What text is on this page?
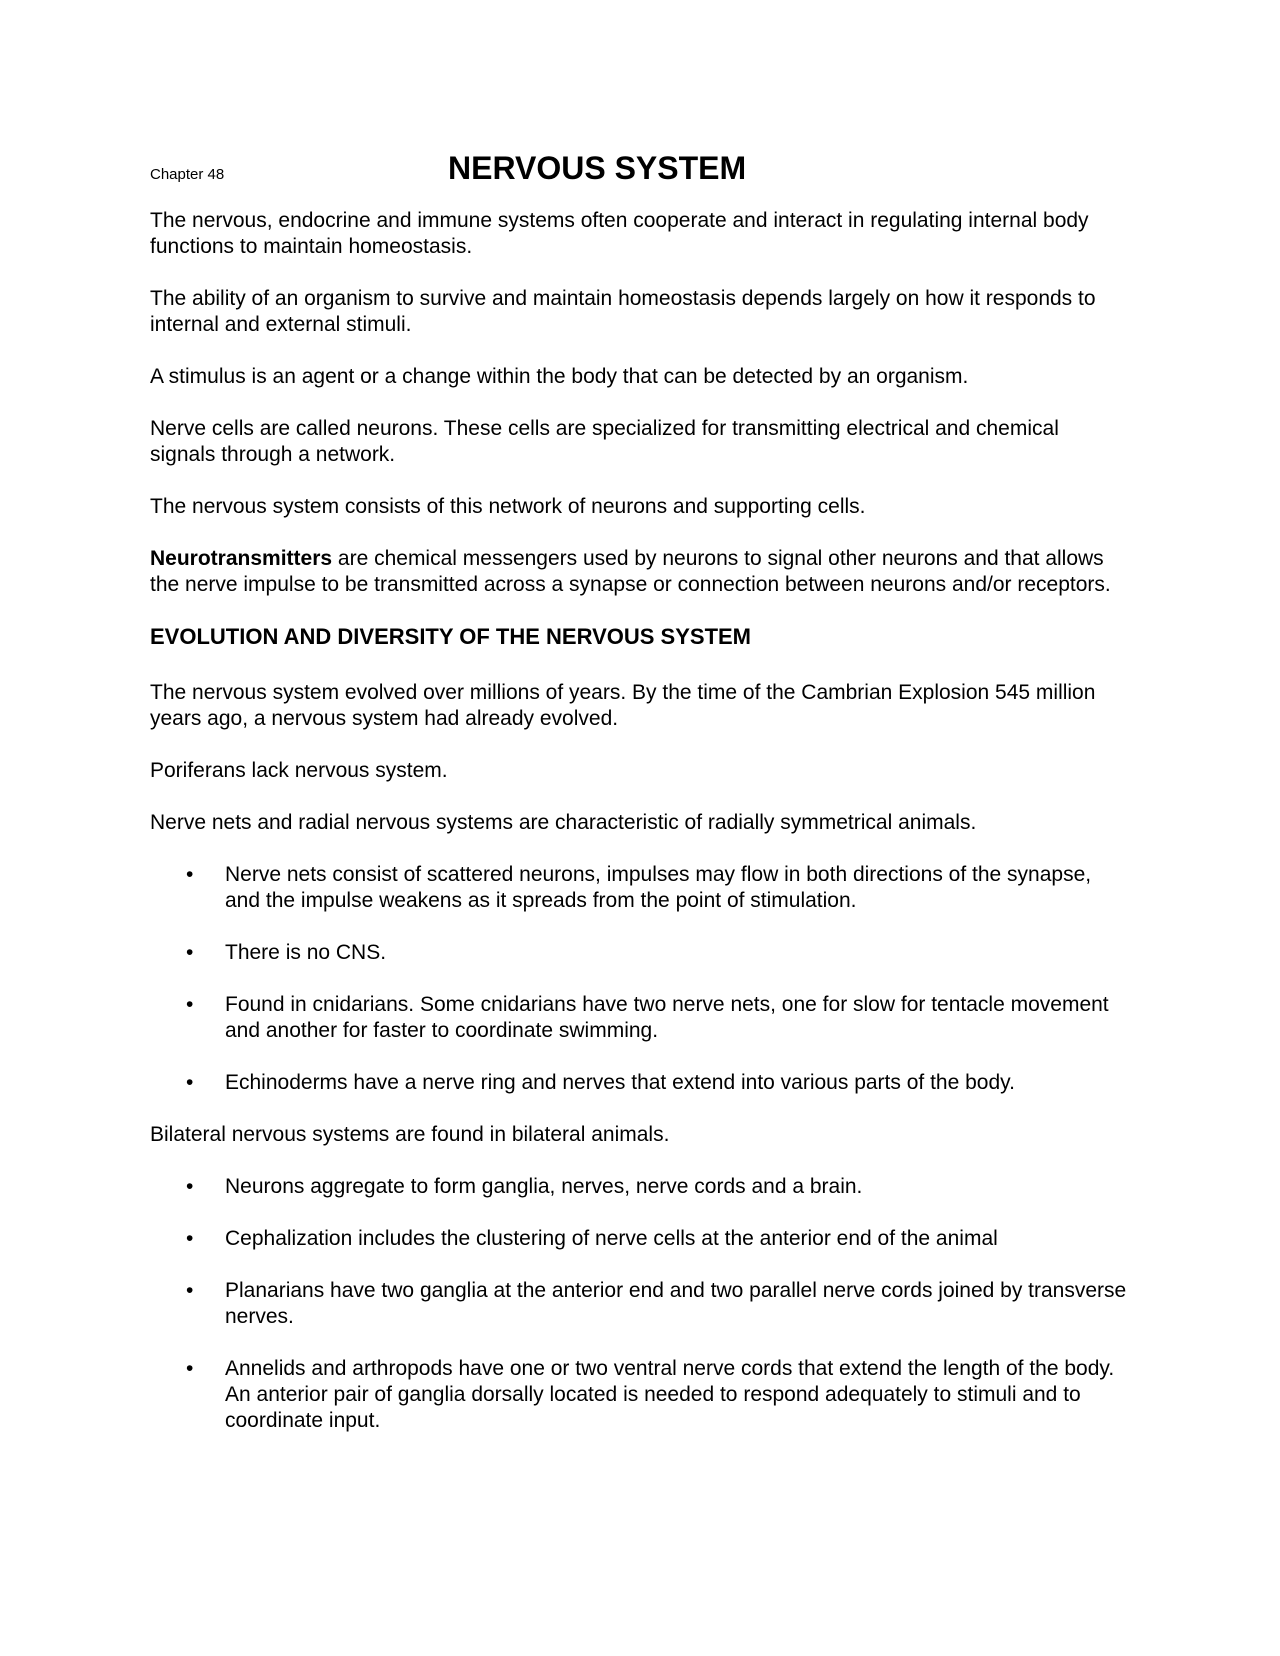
Chapter 48	NERVOUS SYSTEM

The nervous, endocrine and immune systems often cooperate and interact in regulating internal body functions to maintain homeostasis.

The ability of an organism to survive and maintain homeostasis depends largely on how it responds to internal and external stimuli.

A stimulus is an agent or a change within the body that can be detected by an organism.

Nerve cells are called neurons. These cells are specialized for transmitting electrical and chemical signals through a network.

The nervous system consists of this network of neurons and supporting cells.

Neurotransmitters are chemical messengers used by neurons to signal other neurons and that allows the nerve impulse to be transmitted across a synapse or connection between neurons and/or receptors.

EVOLUTION AND DIVERSITY OF THE NERVOUS SYSTEM

The nervous system evolved over millions of years. By the time of the Cambrian Explosion 545 million years ago, a nervous system had already evolved.

Poriferans lack nervous system.

Nerve nets and radial nervous systems are characteristic of radially symmetrical animals.

• Nerve nets consist of scattered neurons, impulses may flow in both directions of the synapse, and the impulse weakens as it spreads from the point of stimulation.
• There is no CNS.
• Found in cnidarians. Some cnidarians have two nerve nets, one for slow for tentacle movement and another for faster to coordinate swimming.
• Echinoderms have a nerve ring and nerves that extend into various parts of the body.

Bilateral nervous systems are found in bilateral animals.

• Neurons aggregate to form ganglia, nerves, nerve cords and a brain.
• Cephalization includes the clustering of nerve cells at the anterior end of the animal
• Planarians have two ganglia at the anterior end and two parallel nerve cords joined by transverse nerves.
• Annelids and arthropods have one or two ventral nerve cords that extend the length of the body. An anterior pair of ganglia dorsally located is needed to respond adequately to stimuli and to coordinate input.
